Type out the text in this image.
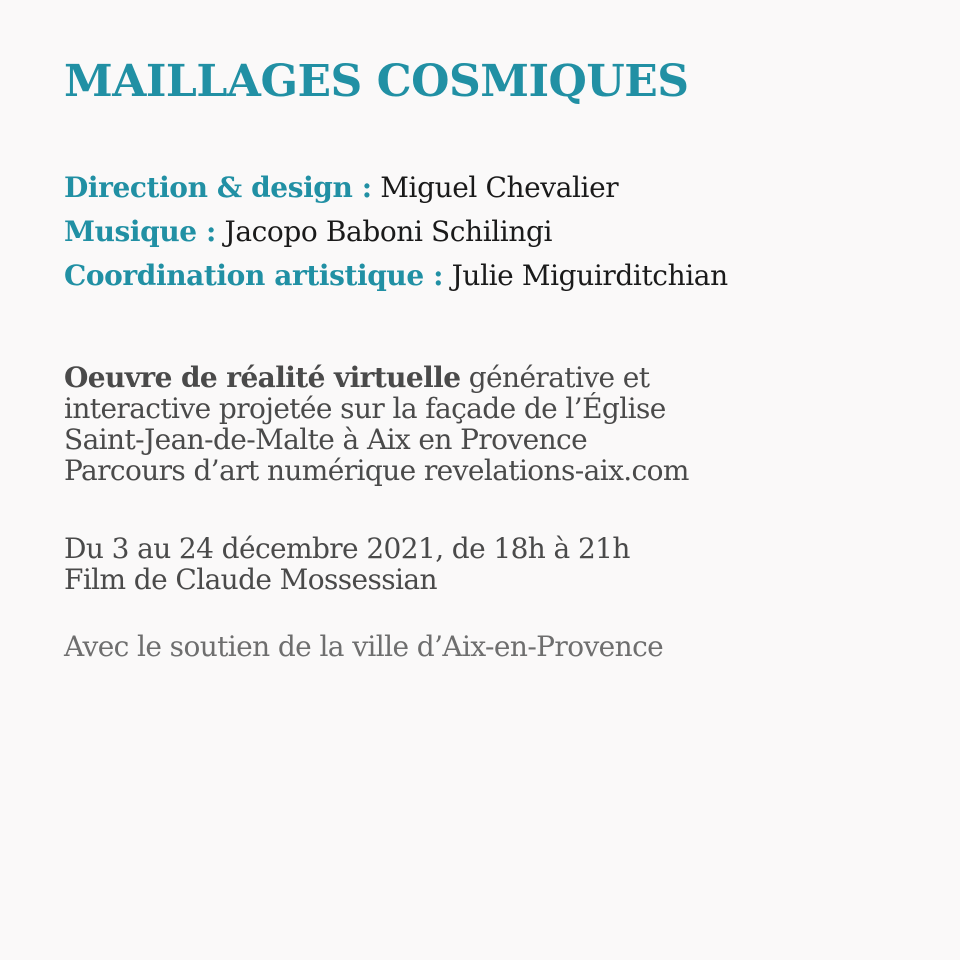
MAILLAGES COSMIQUES
Direction & design : Miguel Chevalier
Musique : Jacopo Baboni Schilingi
Coordination artistique : Julie Miguirditchian
Oeuvre de réalité virtuelle générative et
interactive projetée sur la façade de l’Église
Saint-Jean-de-Malte à Aix en Provence
Parcours d’art numérique revelations-aix.com
Du 3 au 24 décembre 2021, de 18h à 21h
Film de Claude Mossessian
Avec le soutien de la ville d’Aix-en-Provence
